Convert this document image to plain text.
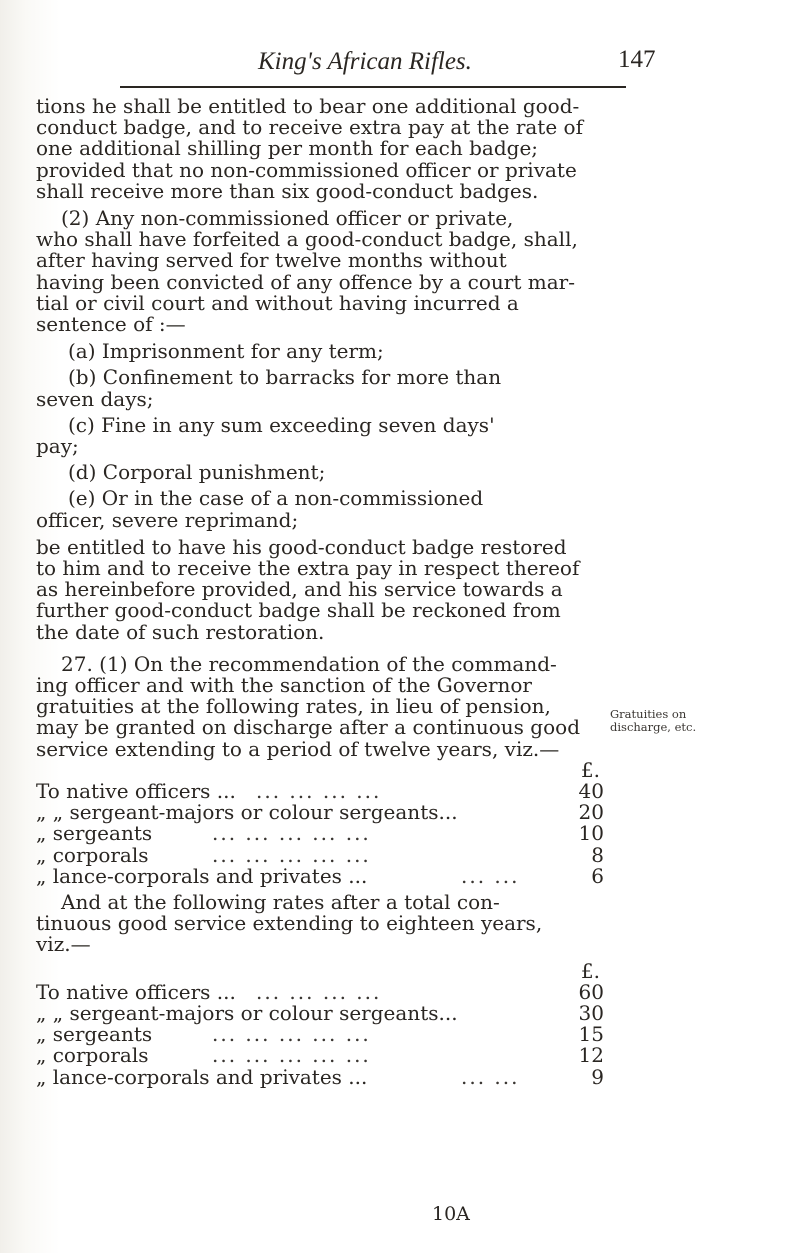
King's African Rifles.	147
tions he shall be entitled to bear one additional good-
conduct badge, and to receive extra pay at the rate of
one additional shilling per month for each badge;
provided that no non-commissioned officer or private
shall receive more than six good-conduct badges.
(2) Any non-commissioned officer or private,
who shall have forfeited a good-conduct badge, shall,
after having served for twelve months without
having been convicted of any offence by a court mar-
tial or civil court and without having incurred a
sentence of :—
(a) Imprisonment for any term;
(b) Confinement to barracks for more than
seven days;
(c) Fine in any sum exceeding seven days'
pay;
(d) Corporal punishment;
(e) Or in the case of a non-commissioned
officer, severe reprimand;
be entitled to have his good-conduct badge restored
to him and to receive the extra pay in respect thereof
as hereinbefore provided, and his service towards a
further good-conduct badge shall be reckoned from
the date of such restoration.
27. (1) On the recommendation of the command-
ing officer and with the sanction of the Governor
gratuities at the following rates, in lieu of pension,
may be granted on discharge after a continuous good
service extending to a period of twelve years, viz.—
£.
To native officers ... ... ... ... ...	40
„ „ sergeant-majors or colour sergeants...	20
„ sergeants	... ... ... ... ...	10
„ corporals	... ... ... ... ...	8
„ lance-corporals and privates ...	... ...	6
And at the following rates after a total con-
tinuous good service extending to eighteen years,
viz.—
£.
To native officers ... ... ... ... ...	60
„ „ sergeant-majors or colour sergeants...	30
„ sergeants	... ... ... ... ...	15
„ corporals	... ... ... ... ...	12
„ lance-corporals and privates ...	... ...	9
Gratuities on
discharge, etc.
10A
